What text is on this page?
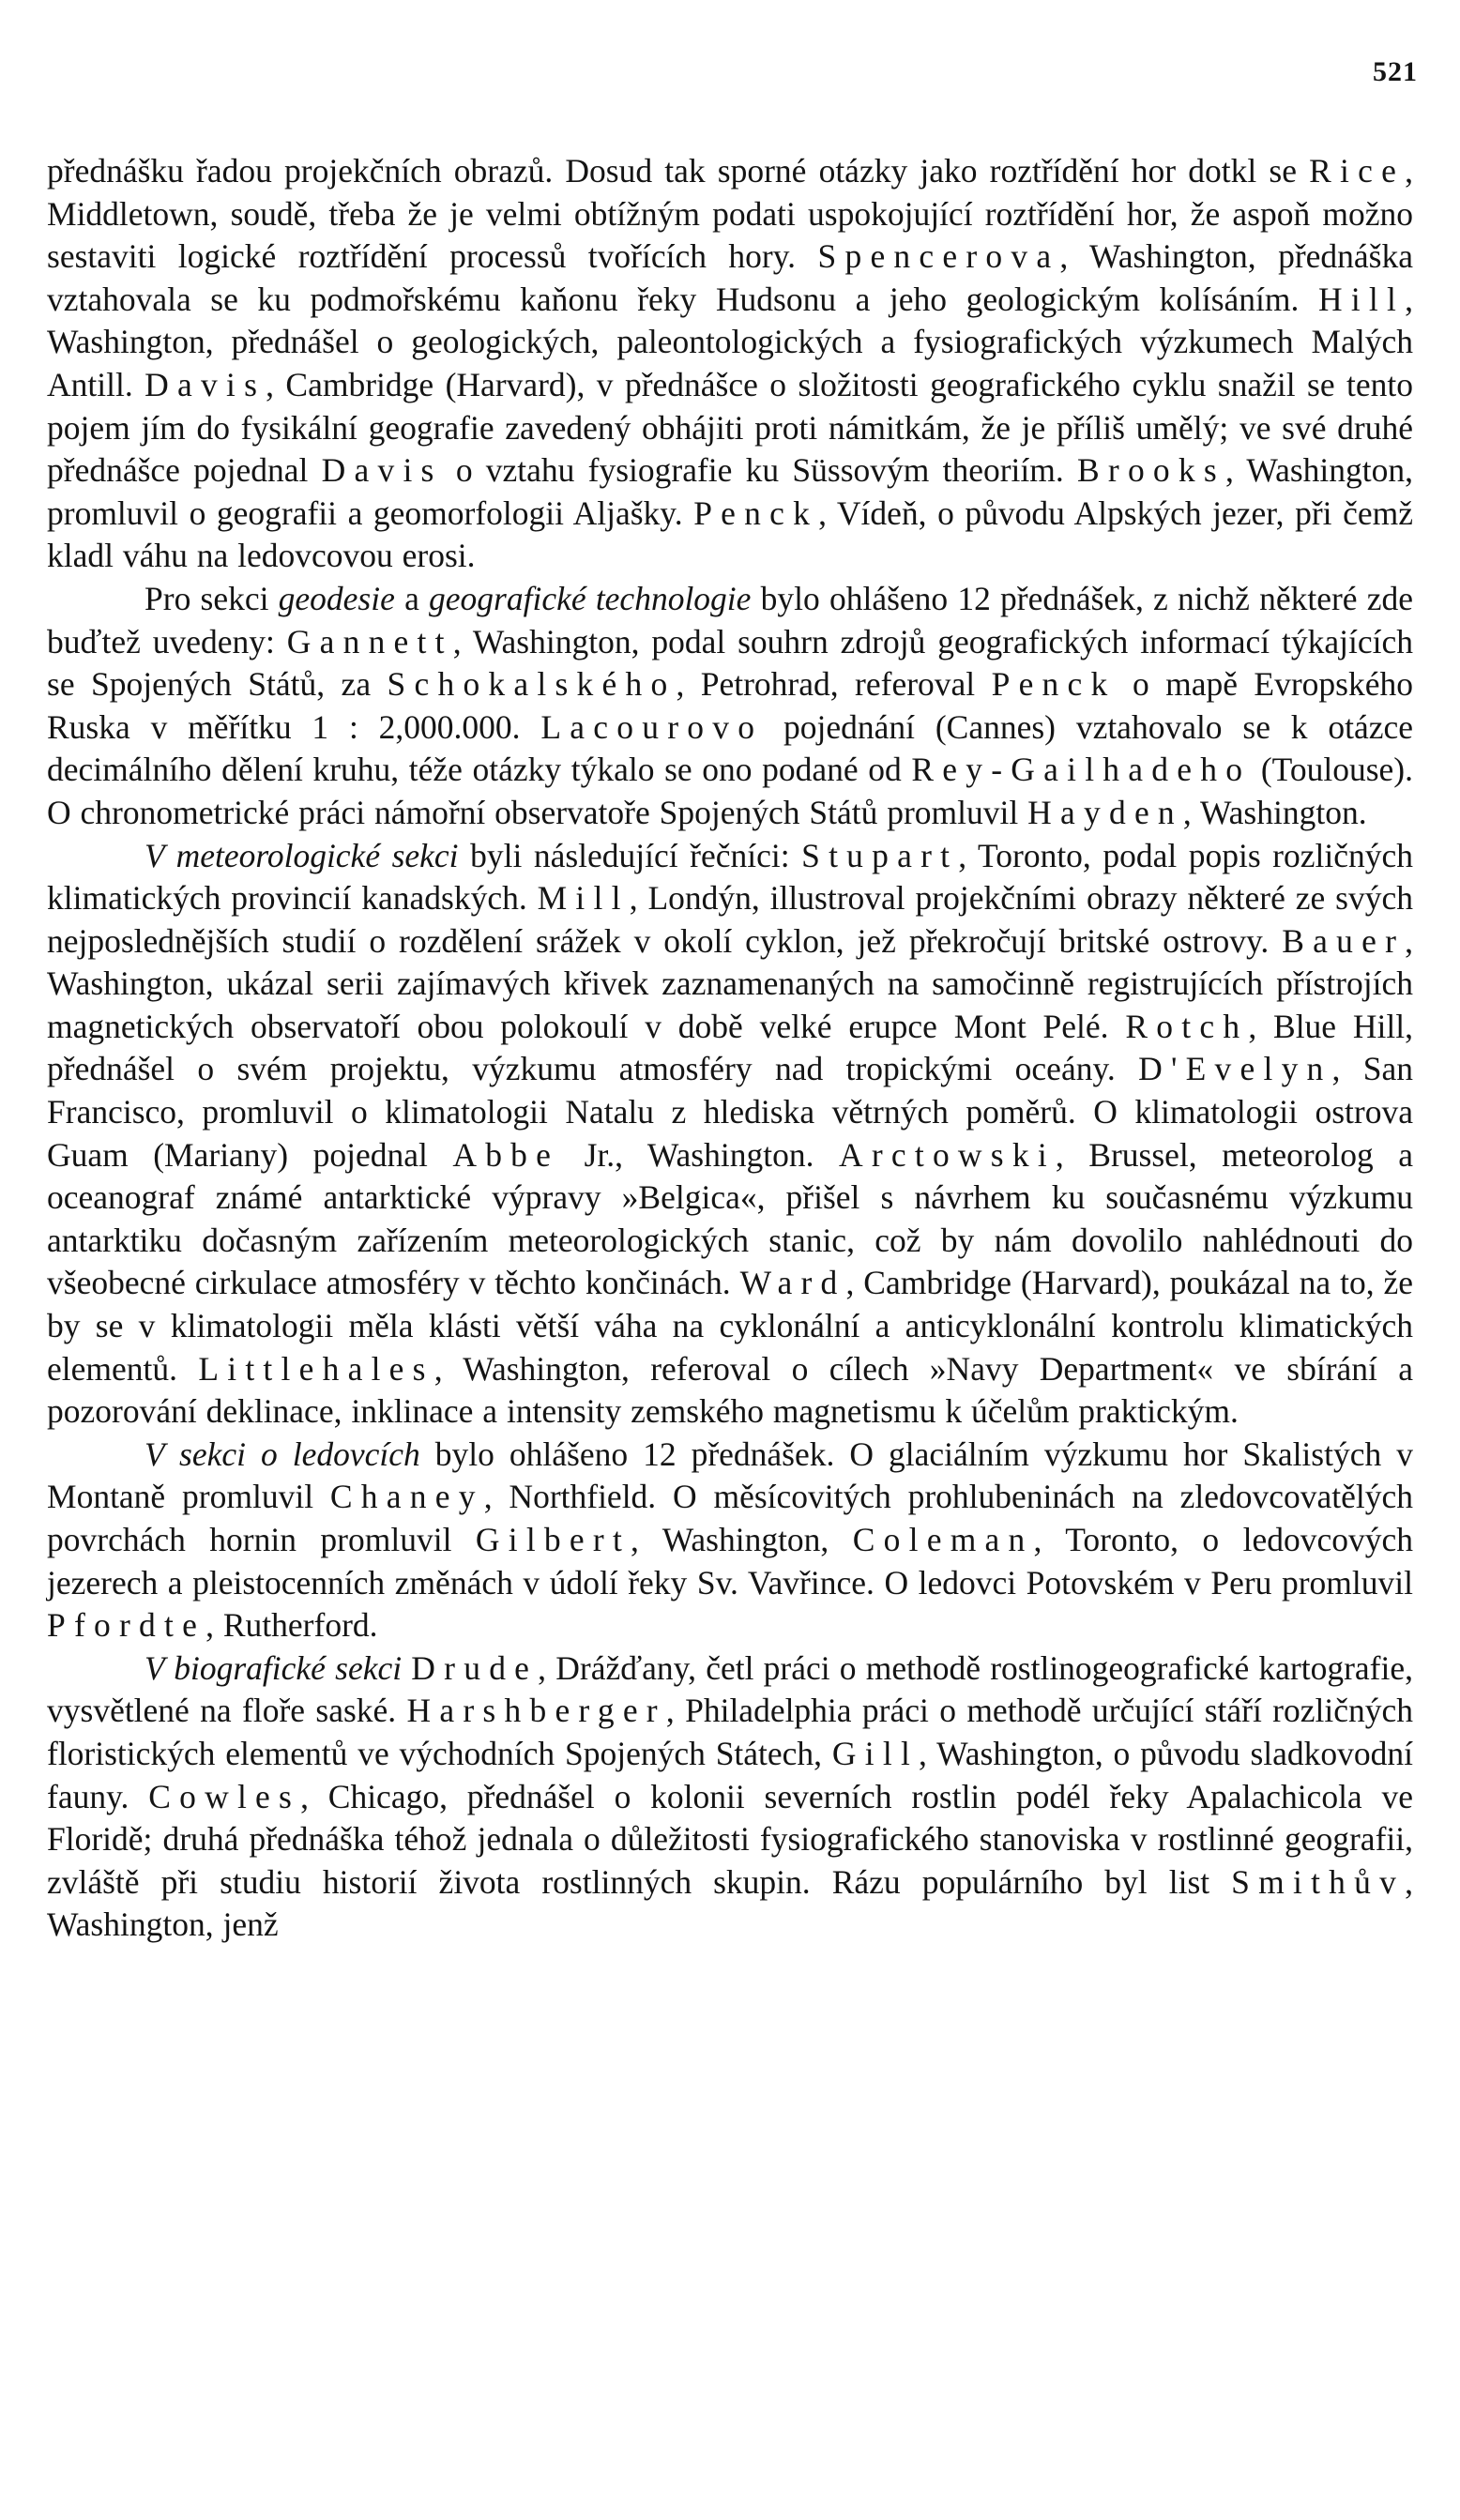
521

přednášku řadou projekčních obrazů. Dosud tak sporné otázky jako roztřídění hor dotkl se Rice, Middletown, soudě, třeba že je velmi obtížným podati uspokojující roztřídění hor, že aspoň možno sestaviti logické roztřídění processů tvořících hory. Spencerova, Washington, přednáška vztahovala se ku podmořskému kaňonu řeky Hudsonu a jeho geologickým kolísáním. Hill, Washington, přednášel o geologických, paleontologických a fysiografických výzkumech Malých Antill. Davis, Cambridge (Harvard), v přednášce o složitosti geografického cyklu snažil se tento pojem jím do fysikální geografie zavedený obhájiti proti námitkám, že je příliš umělý; ve své druhé přednášce pojednal Davis o vztahu fysiografie ku Süssovým theoriím. Brooks, Washington, promluvil o geografii a geomorfologii Aljašky. Penck, Vídeň, o původu Alpských jezer, při čemž kladl váhu na ledovcovou erosi.

Pro sekci geodesie a geografické technologie bylo ohlášeno 12 přednášek, z nichž některé zde buďtež uvedeny: Gannett, Washington, podal souhrn zdrojů geografických informací týkajících se Spojených Států, za Schokalského, Petrohrad, referoval Penck o mapě Evropského Ruska v měřítku 1 : 2,000.000. Lacourovo pojednání (Cannes) vztahovalo se k otázce decimálního dělení kruhu, téže otázky týkalo se ono podané od Rey-Gailhadeho (Toulouse). O chronometrické práci námořní observatoře Spojených Států promluvil Hayden, Washington.

V meteorologické sekci byli následující řečníci: Stupart, Toronto, podal popis rozličných klimatických provincií kanadských. Mill, Londýn, illustroval projekčními obrazy některé ze svých nejposlednějších studií o rozdělení srážek v okolí cyklon, jež překročují britské ostrovy. Bauer, Washington, ukázal serii zajímavých křivek zaznamenaných na samočinně registrujících přístrojích magnetických observatoří obou polokoulí v době velké erupce Mont Pelé. Rotch, Blue Hill, přednášel o svém projektu, výzkumu atmosféry nad tropickými oceány. D'Evelyn, San Francisco, promluvil o klimatologii Natalu z hlediska větrných poměrů. O klimatologii ostrova Guam (Mariany) pojednal Abbe Jr., Washington. Arctowski, Brussel, meteorolog a oceanograf známé antarktické výpravy »Belgica«, přišel s návrhem ku současnému výzkumu antarktiku dočasným zařízením meteorologických stanic, což by nám dovolilo nahlédnouti do všeobecné cirkulace atmosféry v těchto končinách. Ward, Cambridge (Harvard), poukázal na to, že by se v klimatologii měla klásti větší váha na cyklonální a anticyklonální kontrolu klimatických elementů. Littlehales, Washington, referoval o cílech »Navy Department« ve sbírání a pozorování deklinace, inklinace a intensity zemského magnetismu k účelům praktickým.

V sekci o ledovcích bylo ohlášeno 12 přednášek. O glaciálním výzkumu hor Skalistých v Montaně promluvil Chaney, Northfield. O měsícovitých prohlubeninách na zledovcovatělých povrchách hornin promluvil Gilbert, Washington, Coleman, Toronto, o ledovcových jezerech a pleistocenních změnách v údolí řeky Sv. Vavřince. O ledovci Potovském v Peru promluvil Pfordte, Rutherford.

V biografické sekci Drude, Drážďany, četl práci o methodě rostlinogeografické kartografie, vysvětlené na floře saské. Harshberger, Philadelphia práci o methodě určující stáří rozličných floristických elementů ve východních Spojených Státech, Gill, Washington, o původu sladkovodní fauny. Cowles, Chicago, přednášel o kolonii severních rostlin podél řeky Apalachicola ve Floridě; druhá přednáška téhož jednala o důležitosti fysiografického stanoviska v rostlinné geografii, zvláště při studiu historií života rostlinných skupin. Rázu populárního byl list Smithův, Washington, jenž
